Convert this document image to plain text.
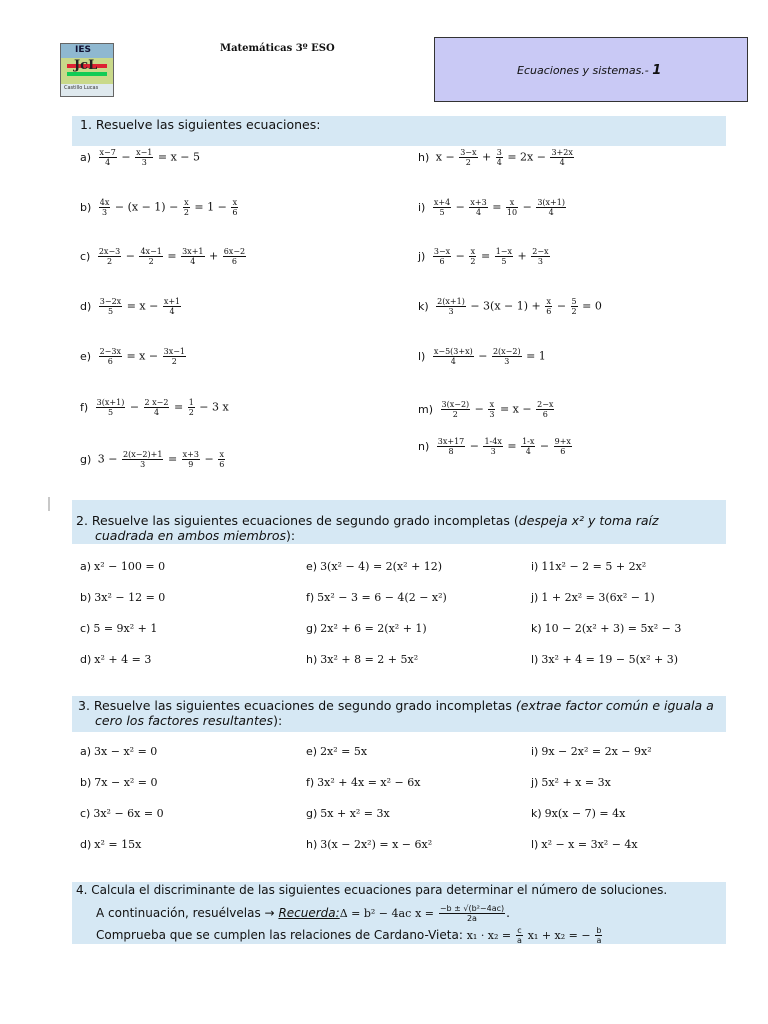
IES
JcL
Castillo Lucas
Matemáticas 3º ESO
Ecuaciones y sistemas.- 1
1. Resuelve las siguientes ecuaciones:
$a) \frac{x-7}{4} - \frac{x-1}{3} = x - 5$
$b) \frac{4x}{3} - (x - 1) - \frac{x}{2} = 1 - \frac{x}{6}$
$c) \frac{2x-3}{2} - \frac{4x-1}{2} = \frac{3x+1}{4} + \frac{6x-2}{6}$
$d) \frac{3-2x}{5} = x - \frac{x+1}{4}$
$e) \frac{2-3x}{6} = x - \frac{3x-1}{2}$
$f) \frac{3(x+1)}{5} - \frac{2 x-2}{4} = \frac{1}{2} - 3$ x
g) $3 - \frac{2(x-2)+1}{3} = \frac{x+3}{9} - \frac{x}{6}$
h) $x - \frac{3-x}{2} + \frac{3}{4} = 2x - \frac{3+2x}{4}$
$i) \frac{x+4}{5} - \frac{x+3}{4} = \frac{x}{10} - \frac{3(x+1)}{4}$
$j) \frac{3-x}{6} - \frac{x}{2} = \frac{1-x}{5} + \frac{2-x}{3}$
$k) \frac{2(x+1)}{3} - 3(x - 1) + \frac{x}{6} - \frac{5}{2} = 0$
$l) \frac{x-5(3+x)}{4} - \frac{2(x-2)}{3} = 1$
$m) \frac{3(x-2)}{2} - \frac{x}{3} = x - \frac{2-x}{6}$
$n) \frac{3x+17}{8} - \frac{1-4x}{3} = \frac{1-x}{4} - \frac{9+x}{6}$
2. Resuelve las siguientes ecuaciones de segundo grado incompletas (despeja x² y toma raíz
cuadrada en ambos miembros):
a) x² − 100 = 0
b) 3x² − 12 = 0
c) 5 = 9x² + 1
d) x² + 4 = 3
e) 3(x² − 4) = 2(x² + 12)
f) 5x² − 3 = 6 − 4(2 − x²)
g) 2x² + 6 = 2(x² + 1)
h) 3x² + 8 = 2 + 5x²
i) 11x² − 2 = 5 + 2x²
j) 1 + 2x² = 3(6x² − 1)
k) 10 − 2(x² + 3) = 5x² − 3
l) 3x² + 4 = 19 − 5(x² + 3)
3. Resuelve las siguientes ecuaciones de segundo grado incompletas (extrae factor común e iguala a
cero los factores resultantes):
a) 3x − x² = 0
b) 7x − x² = 0
c) 3x² − 6x = 0
d) x² = 15x
e) 2x² = 5x
f) 3x² + 4x = x² − 6x
g) 5x + x² = 3x
h) 3(x − 2x²) = x − 6x²
i) 9x − 2x² = 2x − 9x²
j) 5x² + x = 3x
k) 9x(x − 7) = 4x
l) x² − x = 3x² − 4x
4. Calcula el discriminante de las siguientes ecuaciones para determinar el número de soluciones.
A continuación, resuélvelas → Recuerda:Δ = b² − 4ac $x = \frac{\text{−b ± √(b²−4ac)}}{2a}$ .
Comprueba que se cumplen las relaciones de Cardano-Vieta: $x_1 \cdot x_2 = \frac{c}{a} x_1 + x_2$ = − $\frac{b}{a}$
